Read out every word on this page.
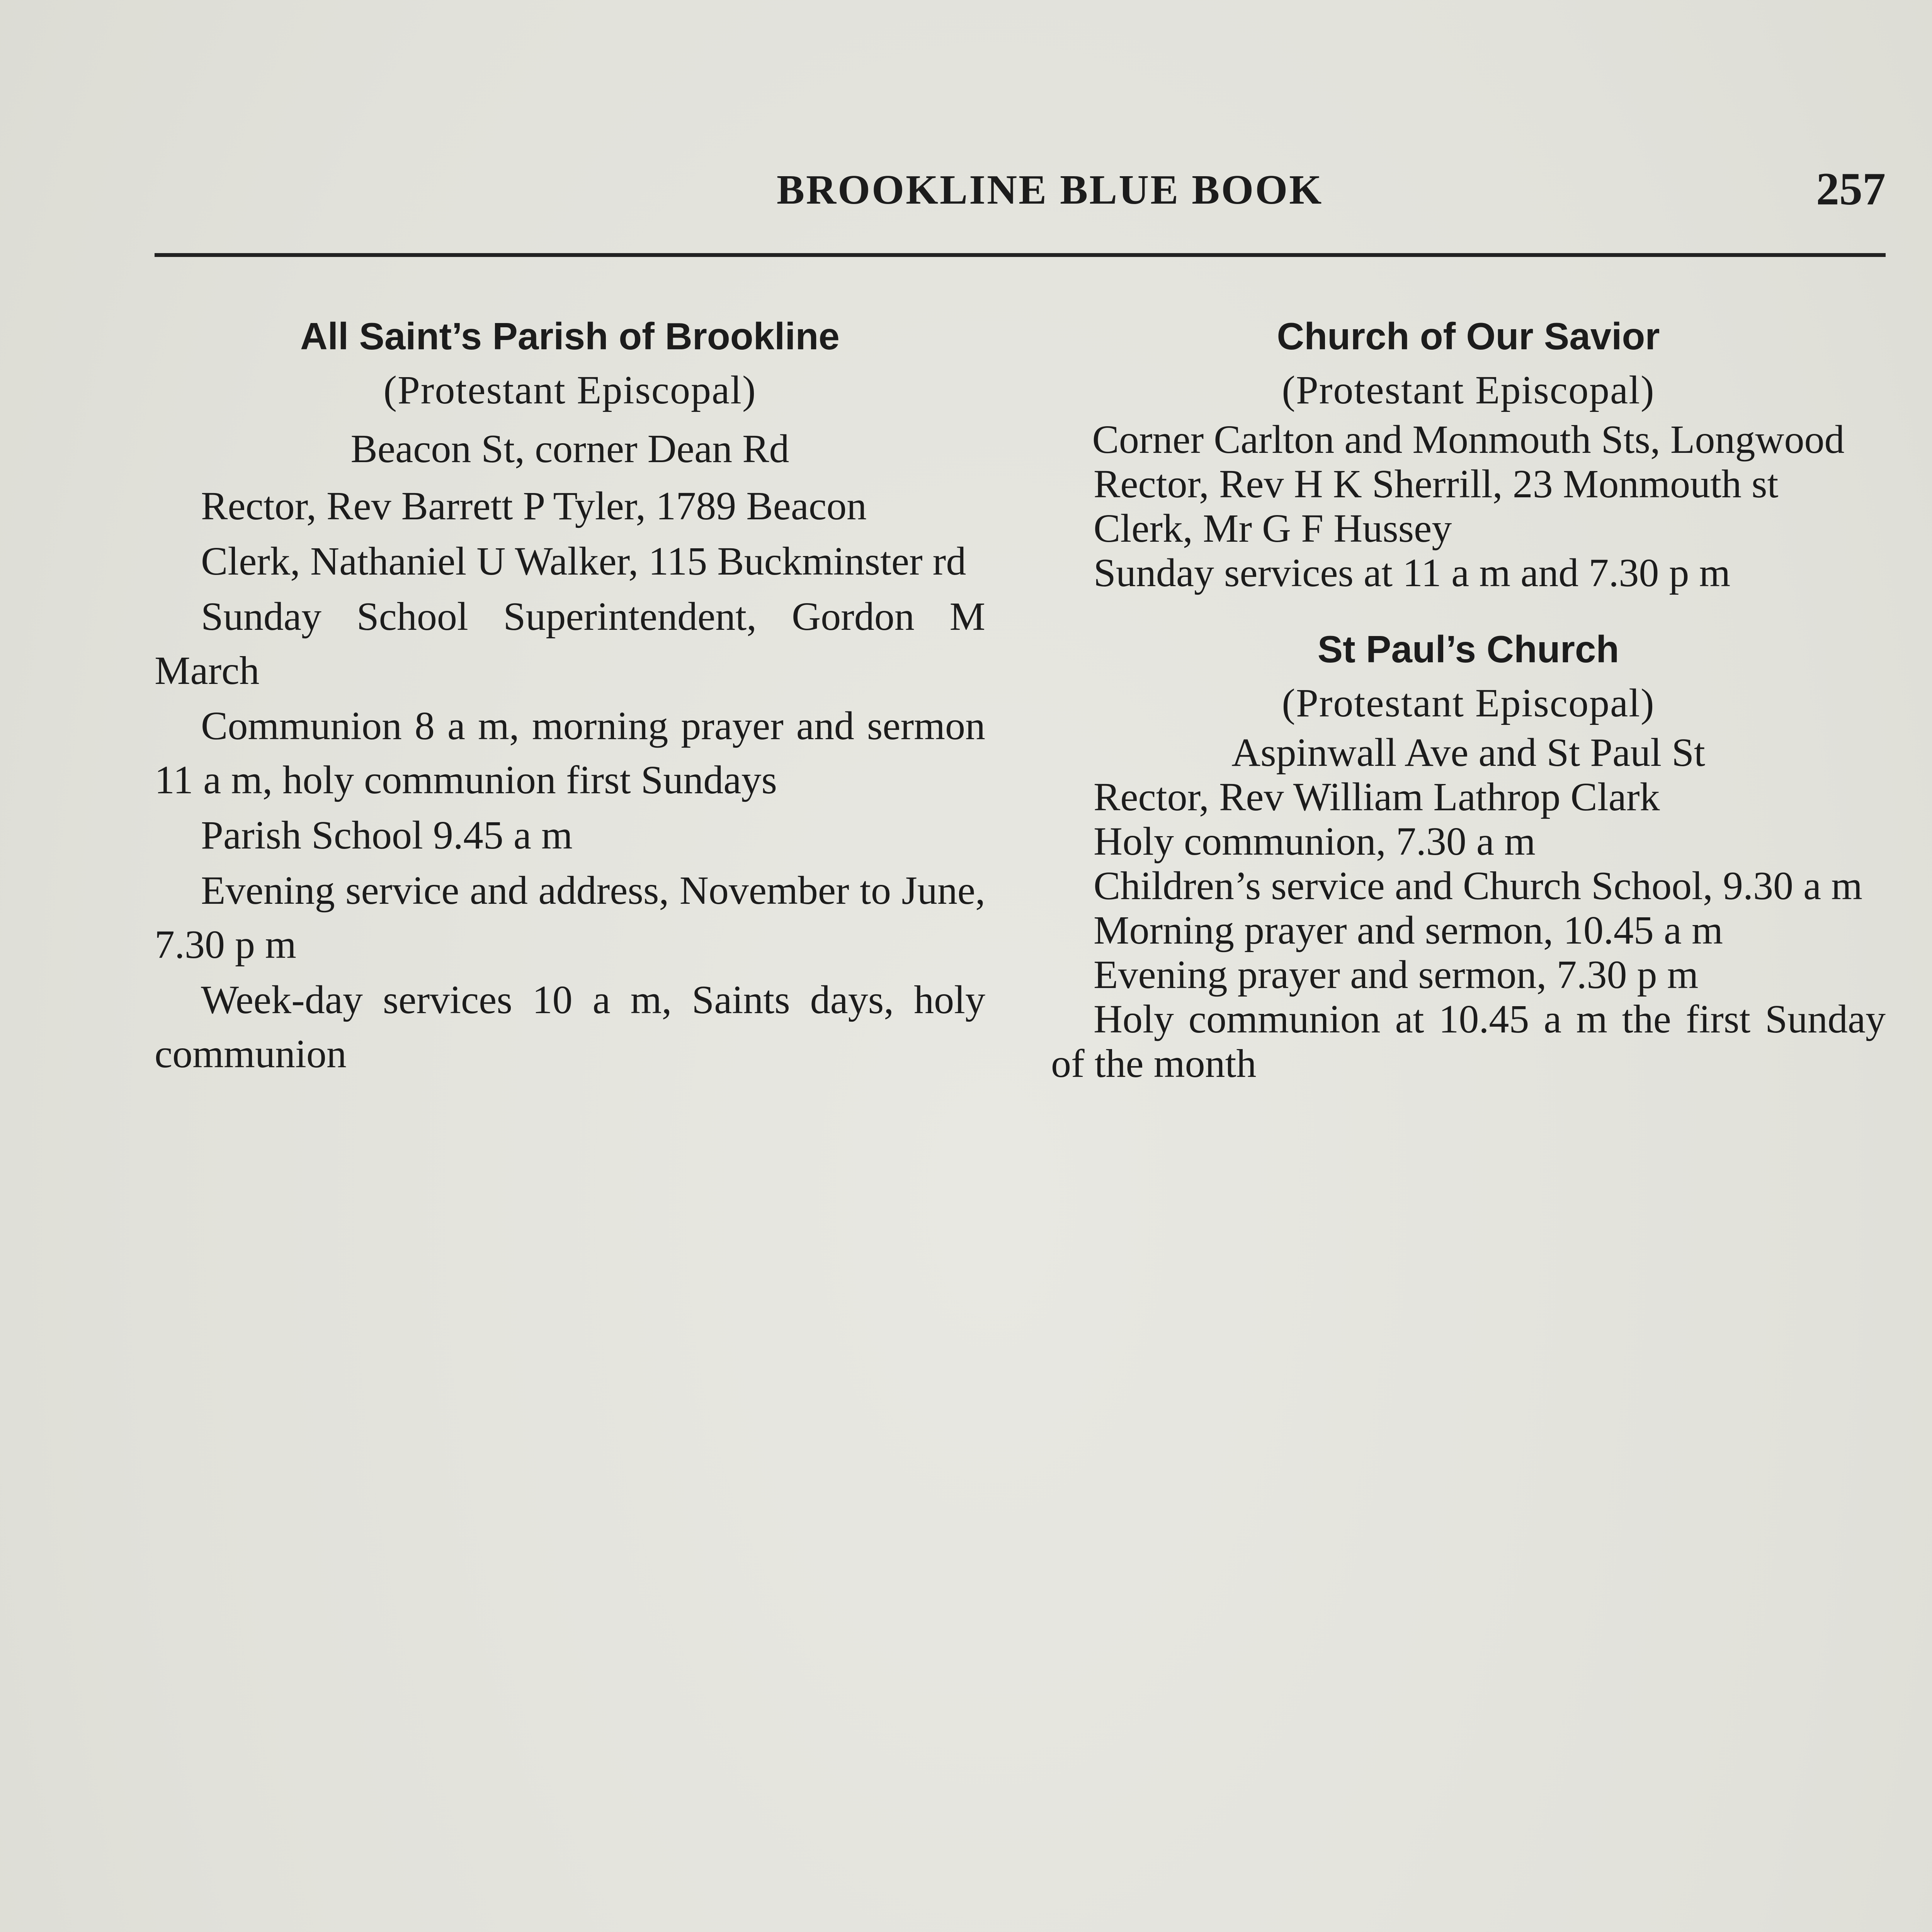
BROOKLINE BLUE BOOK	257
All Saint’s Parish of Brookline
(Protestant Episcopal)
Beacon St, corner Dean Rd
Rector, Rev Barrett P Tyler, 1789 Beacon
Clerk, Nathaniel U Walker, 115 Buckminster rd
Sunday School Superintendent, Gordon M March
Communion 8 a m, morning prayer and sermon 11 a m, holy communion first Sundays
Parish School 9.45 a m
Evening service and address, November to June, 7.30 p m
Week-day services 10 a m, Saints days, holy communion
Church of Our Savior
(Protestant Episcopal)
Corner Carlton and Monmouth Sts, Longwood
Rector, Rev H K Sherrill, 23 Monmouth st
Clerk, Mr G F Hussey
Sunday services at 11 a m and 7.30 p m
St Paul’s Church
(Protestant Episcopal)
Aspinwall Ave and St Paul St
Rector, Rev William Lathrop Clark
Holy communion, 7.30 a m
Children’s service and Church School, 9.30 a m
Morning prayer and sermon, 10.45 a m
Evening prayer and sermon, 7.30 p m
Holy communion at 10.45 a m the first Sunday of the month
